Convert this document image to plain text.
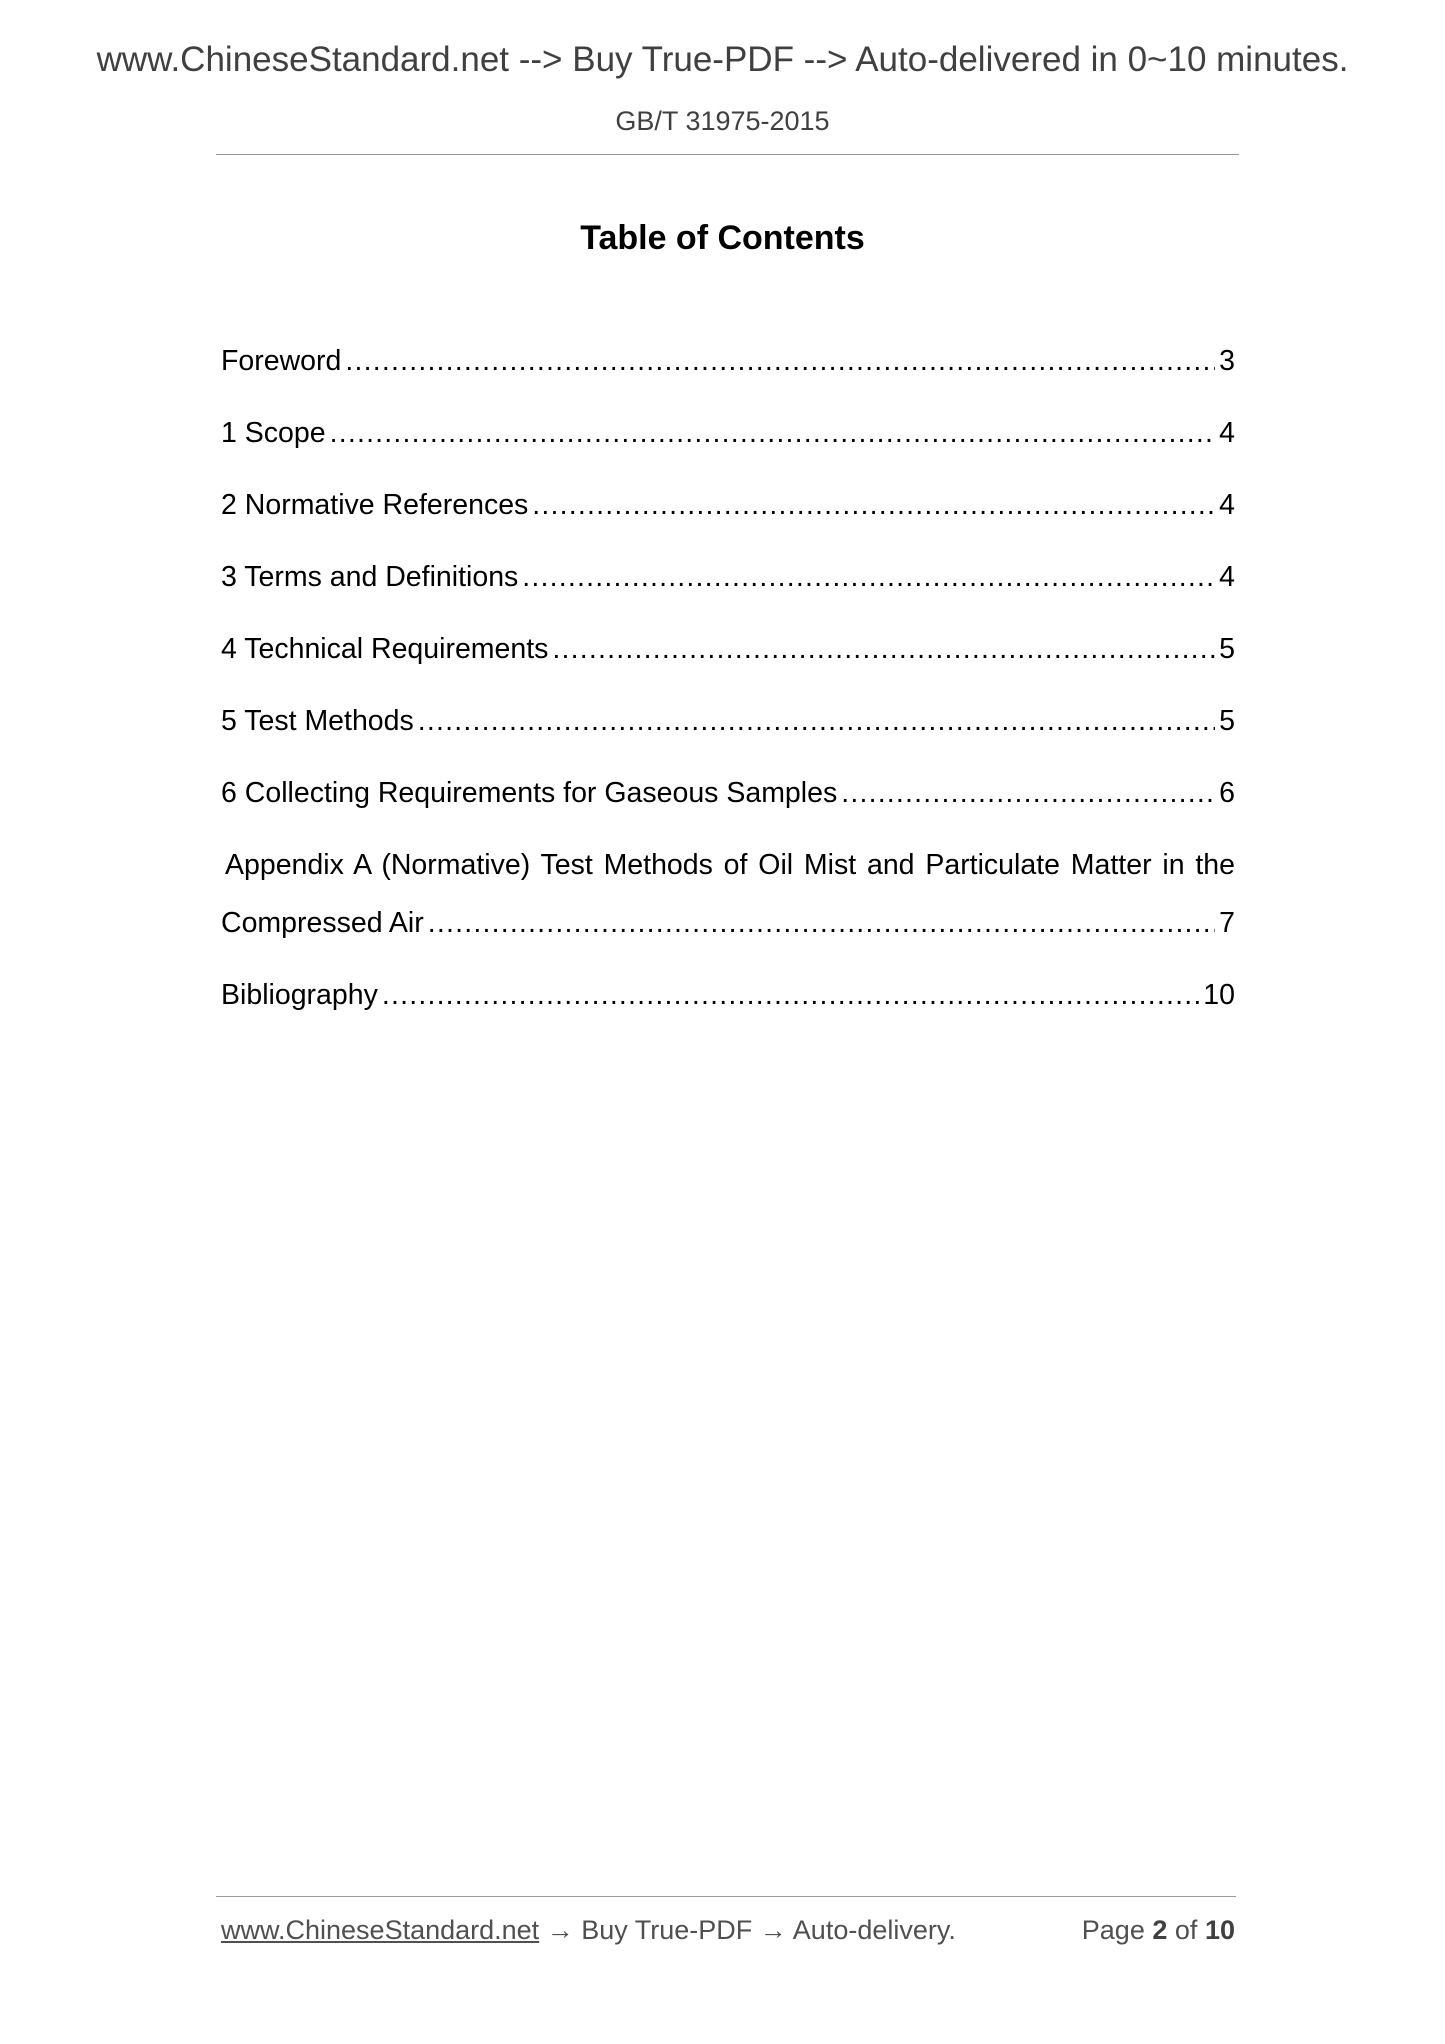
www.ChineseStandard.net --> Buy True-PDF --> Auto-delivered in 0~10 minutes.
GB/T 31975-2015
Table of Contents
Foreword .....	3
1 Scope .....	4
2 Normative References .....	4
3 Terms and Definitions .....	4
4 Technical Requirements .....	5
5 Test Methods .....	5
6 Collecting Requirements for Gaseous Samples .....	6
Appendix A (Normative) Test Methods of Oil Mist and Particulate Matter in the
Compressed Air .....	7
Bibliography .....	10
www.ChineseStandard.net → Buy True-PDF → Auto-delivery.	Page 2 of 10
